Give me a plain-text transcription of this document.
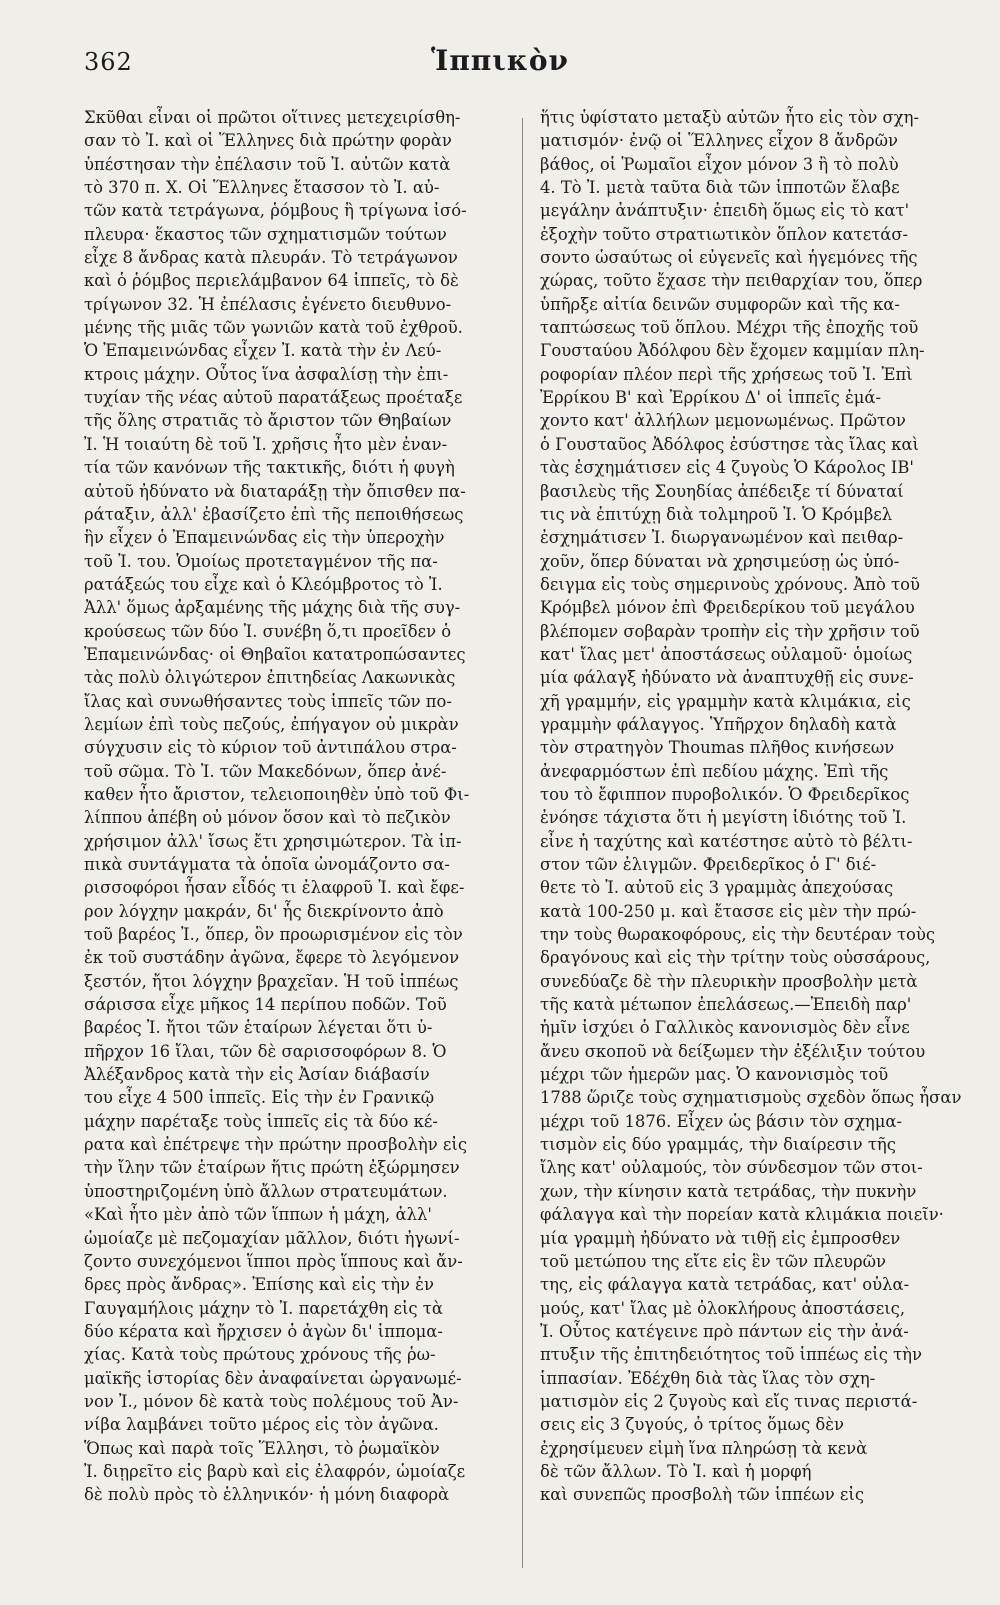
362	Ἱππικὸν
Σκῦθαι εἶναι οἱ πρῶτοι οἵτινες μετεχειρίσθη-
σαν τὸ Ἰ. καὶ οἱ Ἕλληνες διὰ πρώτην φορὰν
ὑπέστησαν τὴν ἐπέλασιν τοῦ Ἰ. αὐτῶν κατὰ
τὸ 370 π. Χ. Οἱ Ἕλληνες ἔτασσον τὸ Ἰ. αὐ-
τῶν κατὰ τετράγωνα, ῥόμβους ἢ τρίγωνα ἰσό-
πλευρα· ἕκαστος τῶν σχηματισμῶν τούτων
εἶχε 8 ἄνδρας κατὰ πλευράν. Τὸ τετράγωνον
καὶ ὁ ῥόμβος περιελάμβανον 64 ἱππεῖς, τὸ δὲ
τρίγωνον 32. Ἡ ἐπέλασις ἐγένετο διευθυνο-
μένης τῆς μιᾶς τῶν γωνιῶν κατὰ τοῦ ἐχθροῦ.
Ὁ Ἐπαμεινώνδας εἶχεν Ἰ. κατὰ τὴν ἐν Λεύ-
κτροις μάχην. Οὗτος ἵνα ἀσφαλίσῃ τὴν ἐπι-
τυχίαν τῆς νέας αὐτοῦ παρατάξεως προέταξε
τῆς ὅλης στρατιᾶς τὸ ἄριστον τῶν Θηβαίων
Ἰ. Ἡ τοιαύτη δὲ τοῦ Ἰ. χρῆσις ἦτο μὲν ἐναν-
τία τῶν κανόνων τῆς τακτικῆς, διότι ἡ φυγὴ
αὐτοῦ ἠδύνατο νὰ διαταράξῃ τὴν ὄπισθεν πα-
ράταξιν, ἀλλ' ἐβασίζετο ἐπὶ τῆς πεποιθήσεως
ἣν εἶχεν ὁ Ἐπαμεινώνδας εἰς τὴν ὑπεροχὴν
τοῦ Ἰ. του. Ὁμοίως προτεταγμένον τῆς πα-
ρατάξεώς του εἶχε καὶ ὁ Κλεόμβροτος τὸ Ἰ.
Ἀλλ' ὅμως ἀρξαμένης τῆς μάχης διὰ τῆς συγ-
κρούσεως τῶν δύο Ἰ. συνέβη ὅ,τι προεῖδεν ὁ
Ἐπαμεινώνδας· οἱ Θηβαῖοι κατατροπώσαντες
τὰς πολὺ ὀλιγώτερον ἐπιτηδείας Λακωνικὰς
ἴλας καὶ συνωθήσαντες τοὺς ἱππεῖς τῶν πο-
λεμίων ἐπὶ τοὺς πεζούς, ἐπήγαγον οὐ μικρὰν
σύγχυσιν εἰς τὸ κύριον τοῦ ἀντιπάλου στρα-
τοῦ σῶμα. Τὸ Ἰ. τῶν Μακεδόνων, ὅπερ ἀνέ-
καθεν ἦτο ἄριστον, τελειοποιηθὲν ὑπὸ τοῦ Φι-
λίππου ἀπέβη οὐ μόνον ὅσον καὶ τὸ πεζικὸν
χρήσιμον ἀλλ' ἴσως ἔτι χρησιμώτερον. Τὰ ἱπ-
πικὰ συντάγματα τὰ ὁποῖα ὠνομάζοντο σα-
ρισσοφόροι ἦσαν εἶδός τι ἐλαφροῦ Ἰ. καὶ ἔφε-
ρον λόγχην μακράν, δι' ἧς διεκρίνοντο ἀπὸ
τοῦ βαρέος Ἰ., ὅπερ, ὃν προωρισμένον εἰς τὸν
ἐκ τοῦ συστάδην ἀγῶνα, ἔφερε τὸ λεγόμενον
ξεστόν, ἤτοι λόγχην βραχεῖαν. Ἡ τοῦ ἱππέως
σάρισσα εἶχε μῆκος 14 περίπου ποδῶν. Τοῦ
βαρέος Ἰ. ἤτοι τῶν ἑταίρων λέγεται ὅτι ὑ-
πῆρχον 16 ἴλαι, τῶν δὲ σαρισσοφόρων 8. Ὁ
Ἀλέξανδρος κατὰ τὴν εἰς Ἀσίαν διάβασίν
του εἶχε 4 500 ἱππεῖς. Εἰς τὴν ἐν Γρανικῷ
μάχην παρέταξε τοὺς ἱππεῖς εἰς τὰ δύο κέ-
ρατα καὶ ἐπέτρεψε τὴν πρώτην προσβολὴν εἰς
τὴν ἴλην τῶν ἑταίρων ἥτις πρώτη ἐξώρμησεν
ὑποστηριζομένη ὑπὸ ἄλλων στρατευμάτων.
«Καὶ ἦτο μὲν ἀπὸ τῶν ἵππων ἡ μάχη, ἀλλ'
ὡμοίαζε μὲ πεζομαχίαν μᾶλλον, διότι ἠγωνί-
ζοντο συνεχόμενοι ἵπποι πρὸς ἵππους καὶ ἄν-
δρες πρὸς ἄνδρας». Ἐπίσης καὶ εἰς τὴν ἐν
Γαυγαμήλοις μάχην τὸ Ἰ. παρετάχθη εἰς τὰ
δύο κέρατα καὶ ἤρχισεν ὁ ἀγὼν δι' ἱππομα-
χίας. Κατὰ τοὺς πρώτους χρόνους τῆς ῥω-
μαϊκῆς ἱστορίας δὲν ἀναφαίνεται ὠργανωμέ-
νον Ἰ., μόνον δὲ κατὰ τοὺς πολέμους τοῦ Ἀν-
νίβα λαμβάνει τοῦτο μέρος εἰς τὸν ἀγῶνα.
Ὅπως καὶ παρὰ τοῖς Ἕλλησι, τὸ ῥωμαϊκὸν
Ἰ. διῃρεῖτο εἰς βαρὺ καὶ εἰς ἐλαφρόν, ὡμοίαζε
δὲ πολὺ πρὸς τὸ ἑλληνικόν· ἡ μόνη διαφορὰ
ἥτις ὑφίστατο μεταξὺ αὐτῶν ἦτο εἰς τὸν σχη-
ματισμόν· ἐνῷ οἱ Ἕλληνες εἶχον 8 ἄνδρῶν
βάθος, οἱ Ῥωμαῖοι εἶχον μόνον 3 ἢ τὸ πολὺ
4. Τὸ Ἰ. μετὰ ταῦτα διὰ τῶν ἱπποτῶν ἔλαβε
μεγάλην ἀνάπτυξιν· ἐπειδὴ ὅμως εἰς τὸ κατ'
ἐξοχὴν τοῦτο στρατιωτικὸν ὅπλον κατετάσ-
σοντο ὡσαύτως οἱ εὐγενεῖς καὶ ἡγεμόνες τῆς
χώρας, τοῦτο ἔχασε τὴν πειθαρχίαν του, ὅπερ
ὑπῆρξε αἰτία δεινῶν συμφορῶν καὶ τῆς κα-
ταπτώσεως τοῦ ὅπλου. Μέχρι τῆς ἐποχῆς τοῦ
Γουσταύου Ἀδόλφου δὲν ἔχομεν καμμίαν πλη-
ροφορίαν πλέον περὶ τῆς χρήσεως τοῦ Ἰ. Ἐπὶ
Ἐρρίκου Β' καὶ Ἐρρίκου Δ' οἱ ἱππεῖς ἐμά-
χοντο κατ' ἀλλήλων μεμονωμένως. Πρῶτον
ὁ Γουσταῦος Ἀδόλφος ἐσύστησε τὰς ἴλας καὶ
τὰς ἐσχημάτισεν εἰς 4 ζυγοὺς Ὁ Κάρολος ΙΒ'
βασιλεὺς τῆς Σουηδίας ἀπέδειξε τί δύναταί
τις νὰ ἐπιτύχῃ διὰ τολμηροῦ Ἰ. Ὁ Κρόμβελ
ἐσχημάτισεν Ἰ. διωργανωμένον καὶ πειθαρ-
χοῦν, ὅπερ δύναται νὰ χρησιμεύσῃ ὡς ὑπό-
δειγμα εἰς τοὺς σημερινοὺς χρόνους. Ἀπὸ τοῦ
Κρόμβελ μόνον ἐπὶ Φρειδερίκου τοῦ μεγάλου
βλέπομεν σοβαρὰν τροπὴν εἰς τὴν χρῆσιν τοῦ
κατ' ἴλας μετ' ἀποστάσεως οὐλαμοῦ· ὁμοίως
μία φάλαγξ ἠδύνατο νὰ ἀναπτυχθῇ εἰς συνε-
χῆ γραμμήν, εἰς γραμμὴν κατὰ κλιμάκια, εἰς
γραμμὴν φάλαγγος. Ὑπῆρχον δηλαδὴ κατὰ
τὸν στρατηγὸν Thoumas πλῆθος κινήσεων
ἀνεφαρμόστων ἐπὶ πεδίου μάχης. Ἐπὶ τῆς
του τὸ ἔφιππον πυροβολικόν. Ὁ Φρειδερῖκος
ἐνόησε τάχιστα ὅτι ἡ μεγίστη ἰδιότης τοῦ Ἰ.
εἶνε ἡ ταχύτης καὶ κατέστησε αὐτὸ τὸ βέλτι-
στον τῶν ἐλιγμῶν. Φρειδερῖκος ὁ Γ' διέ-
θετε τὸ Ἰ. αὐτοῦ εἰς 3 γραμμὰς ἀπεχούσας
κατὰ 100-250 μ. καὶ ἔτασσε εἰς μὲν τὴν πρώ-
την τοὺς θωρακοφόρους, εἰς τὴν δευτέραν τοὺς
δραγόνους καὶ εἰς τὴν τρίτην τοὺς οὐσσάρους,
συνεδύαζε δὲ τὴν πλευρικὴν προσβολὴν μετὰ
τῆς κατὰ μέτωπον ἐπελάσεως.—Ἐπειδὴ παρ'
ἡμῖν ἰσχύει ὁ Γαλλικὸς κανονισμὸς δὲν εἶνε
ἄνευ σκοποῦ νὰ δείξωμεν τὴν ἐξέλιξιν τούτου
μέχρι τῶν ἡμερῶν μας. Ὁ κανονισμὸς τοῦ
1788 ὥριζε τοὺς σχηματισμοὺς σχεδὸν ὅπως ἦσαν
μέχρι τοῦ 1876. Εἶχεν ὡς βάσιν τὸν σχημα-
τισμὸν εἰς δύο γραμμάς, τὴν διαίρεσιν τῆς
ἴλης κατ' οὐλαμούς, τὸν σύνδεσμον τῶν στοι-
χων, τὴν κίνησιν κατὰ τετράδας, τὴν πυκνὴν
φάλαγγα καὶ τὴν πορείαν κατὰ κλιμάκια ποιεῖν·
μία γραμμὴ ἠδύνατο νὰ τιθῇ εἰς ἐμπροσθεν
τοῦ μετώπου της εἴτε εἰς ἓν τῶν πλευρῶν
της, εἰς φάλαγγα κατὰ τετράδας, κατ' οὐλα-
μούς, κατ' ἴλας μὲ ὁλοκλήρους ἀποστάσεις,
Ἰ. Οὗτος κατέγεινε πρὸ πάντων εἰς τὴν ἀνά-
πτυξιν τῆς ἐπιτηδειότητος τοῦ ἱππέως εἰς τὴν
ἱππασίαν. Ἐδέχθη διὰ τὰς ἴλας τὸν σχη-
ματισμὸν εἰς 2 ζυγοὺς καὶ εἴς τινας περιστά-
σεις εἰς 3 ζυγούς, ὁ τρίτος ὅμως δὲν
ἐχρησίμευεν εἰμὴ ἵνα πληρώσῃ τὰ κενὰ
δὲ τῶν ἄλλων. Τὸ Ἰ. καὶ ἡ μορφή
καὶ συνεπῶς προσβολὴ τῶν ἱππέων εἰς
